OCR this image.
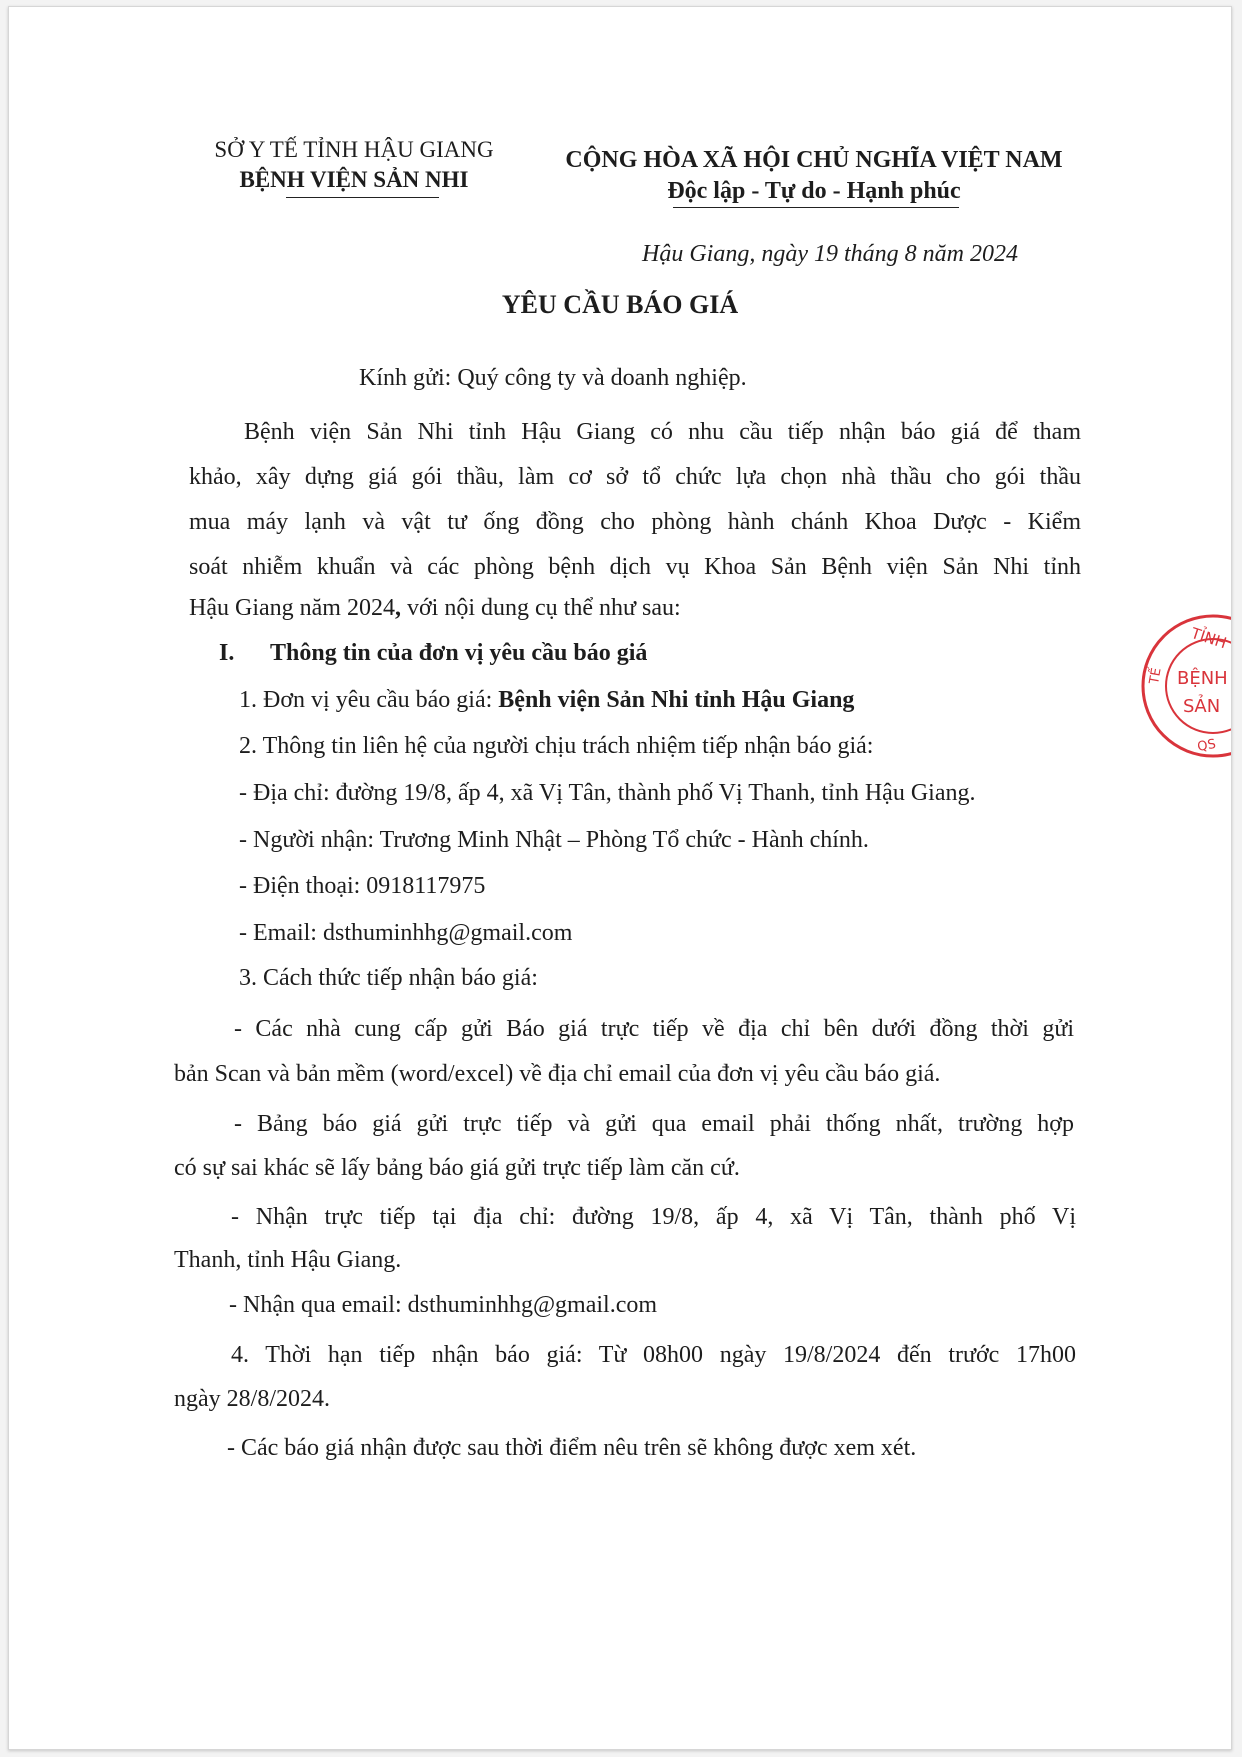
SỞ Y TẾ TỈNH HẬU GIANG
BỆNH VIỆN SẢN NHI
CỘNG HÒA XÃ HỘI CHỦ NGHĨA VIỆT NAM
Độc lập - Tự do - Hạnh phúc
Hậu Giang, ngày 19 tháng 8 năm 2024
YÊU CẦU BÁO GIÁ
Kính gửi: Quý công ty và doanh nghiệp.
Bệnh viện Sản Nhi tỉnh Hậu Giang có nhu cầu tiếp nhận báo giá để tham
khảo, xây dựng giá gói thầu, làm cơ sở tổ chức lựa chọn nhà thầu cho gói thầu
mua máy lạnh và vật tư ống đồng cho phòng hành chánh Khoa Dược - Kiểm
soát nhiễm khuẩn và các phòng bệnh dịch vụ Khoa Sản Bệnh viện Sản Nhi tỉnh
Hậu Giang năm 2024, với nội dung cụ thể như sau:
I. Thông tin của đơn vị yêu cầu báo giá
1. Đơn vị yêu cầu báo giá: Bệnh viện Sản Nhi tỉnh Hậu Giang
2. Thông tin liên hệ của người chịu trách nhiệm tiếp nhận báo giá:
- Địa chỉ: đường 19/8, ấp 4, xã Vị Tân, thành phố Vị Thanh, tỉnh Hậu Giang.
- Người nhận: Trương Minh Nhật – Phòng Tổ chức - Hành chính.
- Điện thoại: 0918117975
- Email: dsthuminhhg@gmail.com
3. Cách thức tiếp nhận báo giá:
- Các nhà cung cấp gửi Báo giá trực tiếp về địa chỉ bên dưới đồng thời gửi
bản Scan và bản mềm (word/excel) về địa chỉ email của đơn vị yêu cầu báo giá.
- Bảng báo giá gửi trực tiếp và gửi qua email phải thống nhất, trường hợp
có sự sai khác sẽ lấy bảng báo giá gửi trực tiếp làm căn cứ.
- Nhận trực tiếp tại địa chỉ: đường 19/8, ấp 4, xã Vị Tân, thành phố Vị
Thanh, tỉnh Hậu Giang.
- Nhận qua email: dsthuminhhg@gmail.com
4. Thời hạn tiếp nhận báo giá: Từ 08h00 ngày 19/8/2024 đến trước 17h00
ngày 28/8/2024.
- Các báo giá nhận được sau thời điểm nêu trên sẽ không được xem xét.
TỈNH
TẾ BỆNH
SẢN
QS
